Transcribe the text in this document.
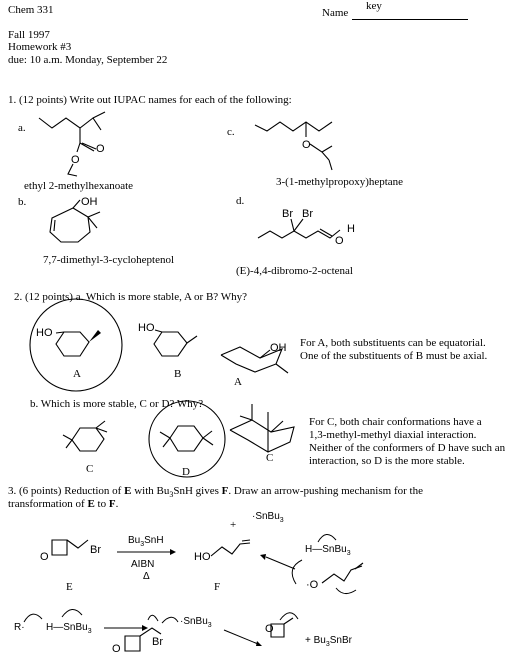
Chem 331	Name
key
Fall 1997
Homework #3
due: 10 a.m. Monday, September 22
1. (12 points) Write out IUPAC names for each of the following:
a.	c.
b.	d.
ethyl 2-methylhexanoate	3-(1-methylpropoxy)heptane
7,7-dimethyl-3-cycloheptenol
(E)-4,4-dibromo-2-octenal
2. (12 points) a. Which is more stable, A or B? Why?
For A, both substituents can be equatorial.
One of the substituents of B must be axial.
A	B
A
b. Which is more stable, C or D? Why?
For C, both chair conformations have a
1,3-methyl-methyl diaxial interaction.
Neither of the conformers of D have such an
interaction, so D is the more stable.
C	D
C
3. (6 points) Reduction of E with $Bu_3SnH$ gives F. Draw an arrow-pushing mechanism for the
transformation of E to F.
$Bu_3SnH$
AIBN
Δ
E	F
+
·SnBu$_3$
H—SnBu$_3$
R· H—SnBu$_3$
·SnBu$_3$
+ $Bu_3SnBr$
O
O
O
OH
Br Br
O
H
HO	HO
OH
O
Br
HO
·O
O
Br
O
